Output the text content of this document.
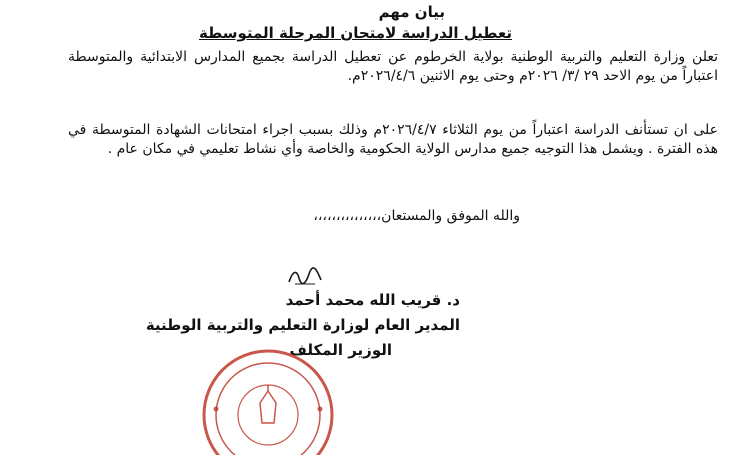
بيان مهم
تعطيل الدراسة لامتحان المرحلة المتوسطة

تعلن وزارة التعليم والتربية الوطنية بولاية الخرطوم عن تعطيل الدراسة بجميع المدارس الابتدائية والمتوسطة اعتباراً من يوم الاحد ٢٩ /٣/ ٢٠٢٦م وحتى يوم الاثنين ٢٠٢٦/٤/٦م.

على ان تستأنف الدراسة اعتباراً من يوم الثلاثاء ٢٠٢٦/٤/٧م وذلك بسبب اجراء امتحانات الشهادة المتوسطة في هذه الفترة . ويشمل هذا التوجيه جميع مدارس الولاية الحكومية والخاصة وأي نشاط تعليمي في مكان عام .

والله الموفق والمستعان،،،،،،،،،،،،،،،
د. قريب الله محمد أحمد
المدير العام لوزارة التعليم والتربية الوطنية
الوزير المكلف
